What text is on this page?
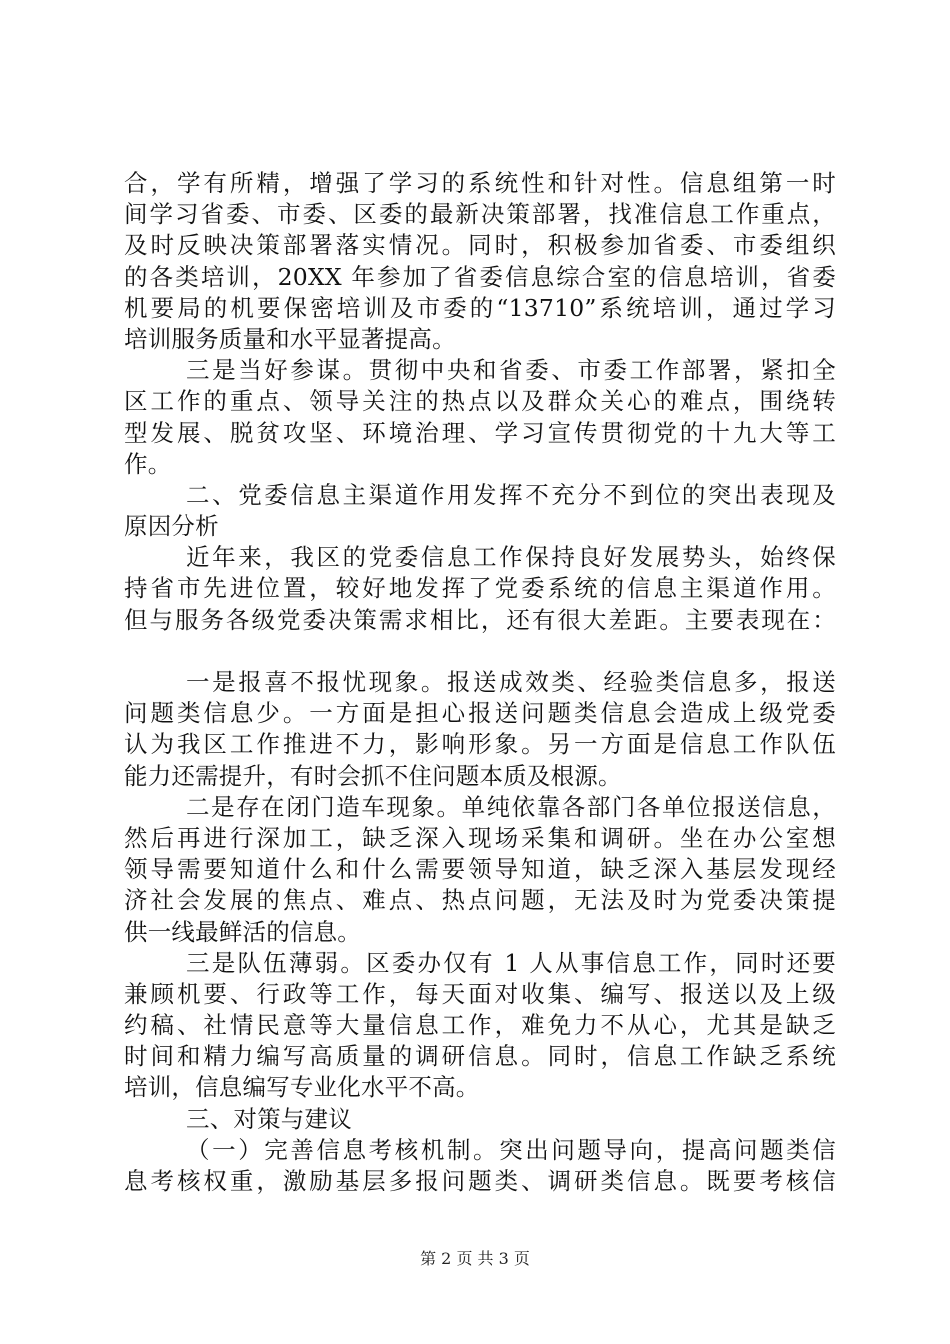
合，学有所精，增强了学习的系统性和针对性。信息组第一时
间学习省委、市委、区委的最新决策部署，找准信息工作重点，
及时反映决策部署落实情况。同时，积极参加省委、市委组织
的各类培训，20XX 年参加了省委信息综合室的信息培训，省委
机要局的机要保密培训及市委的“13710”系统培训，通过学习
培训服务质量和水平显著提高。
三是当好参谋。贯彻中央和省委、市委工作部署，紧扣全
区工作的重点、领导关注的热点以及群众关心的难点，围绕转
型发展、脱贫攻坚、环境治理、学习宣传贯彻党的十九大等工
作。
二、党委信息主渠道作用发挥不充分不到位的突出表现及
原因分析
近年来，我区的党委信息工作保持良好发展势头，始终保
持省市先进位置，较好地发挥了党委系统的信息主渠道作用。
但与服务各级党委决策需求相比，还有很大差距。主要表现在：
一是报喜不报忧现象。报送成效类、经验类信息多，报送
问题类信息少。一方面是担心报送问题类信息会造成上级党委
认为我区工作推进不力，影响形象。另一方面是信息工作队伍
能力还需提升，有时会抓不住问题本质及根源。
二是存在闭门造车现象。单纯依靠各部门各单位报送信息，
然后再进行深加工，缺乏深入现场采集和调研。坐在办公室想
领导需要知道什么和什么需要领导知道，缺乏深入基层发现经
济社会发展的焦点、难点、热点问题，无法及时为党委决策提
供一线最鲜活的信息。
三是队伍薄弱。区委办仅有 1 人从事信息工作，同时还要
兼顾机要、行政等工作，每天面对收集、编写、报送以及上级
约稿、社情民意等大量信息工作，难免力不从心，尤其是缺乏
时间和精力编写高质量的调研信息。同时，信息工作缺乏系统
培训，信息编写专业化水平不高。
三、对策与建议
（一）完善信息考核机制。突出问题导向，提高问题类信
息考核权重，激励基层多报问题类、调研类信息。既要考核信
第 2 页 共 3 页
